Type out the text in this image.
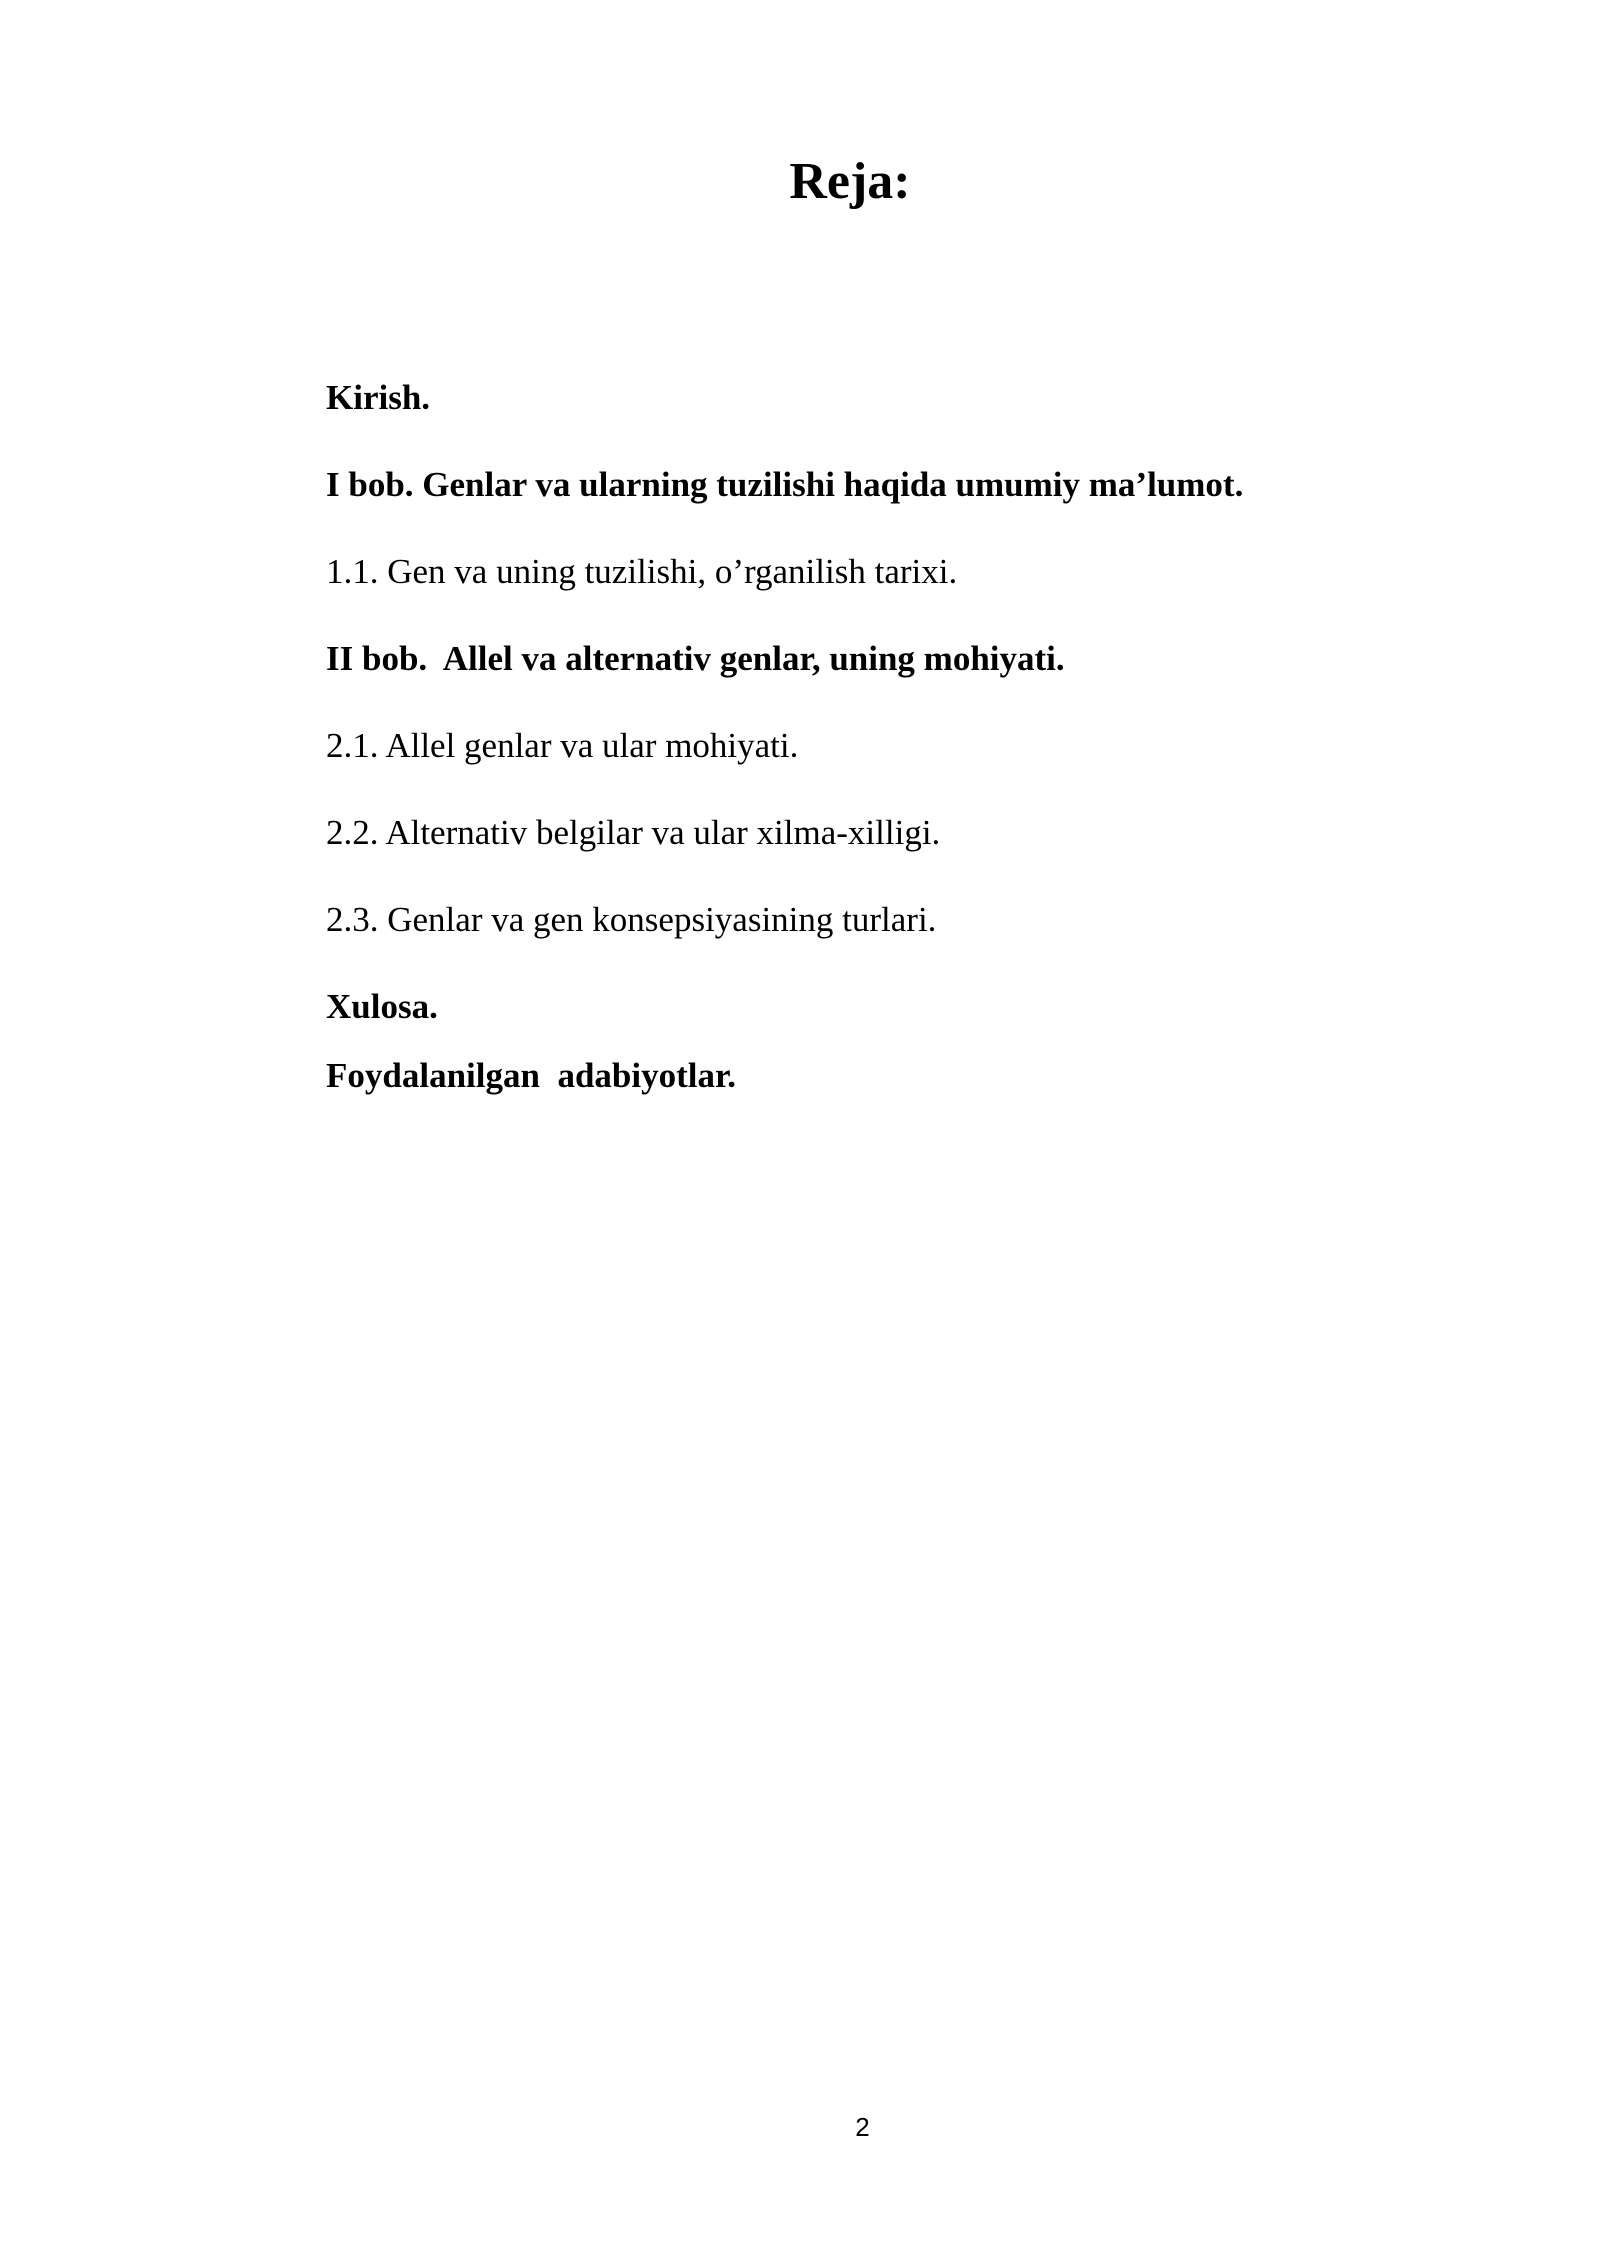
Reja:
Kirish.
I bob. Genlar va ularning tuzilishi haqida umumiy ma’lumot.
1.1. Gen va uning tuzilishi, o’rganilish tarixi.
II bob.  Allel va alternativ genlar, uning mohiyati.
2.1. Allel genlar va ular mohiyati.
2.2. Alternativ belgilar va ular xilma-xilligi.
2.3. Genlar va gen konsepsiyasining turlari.
Xulosa.
Foydalanilgan  adabiyotlar.
2
